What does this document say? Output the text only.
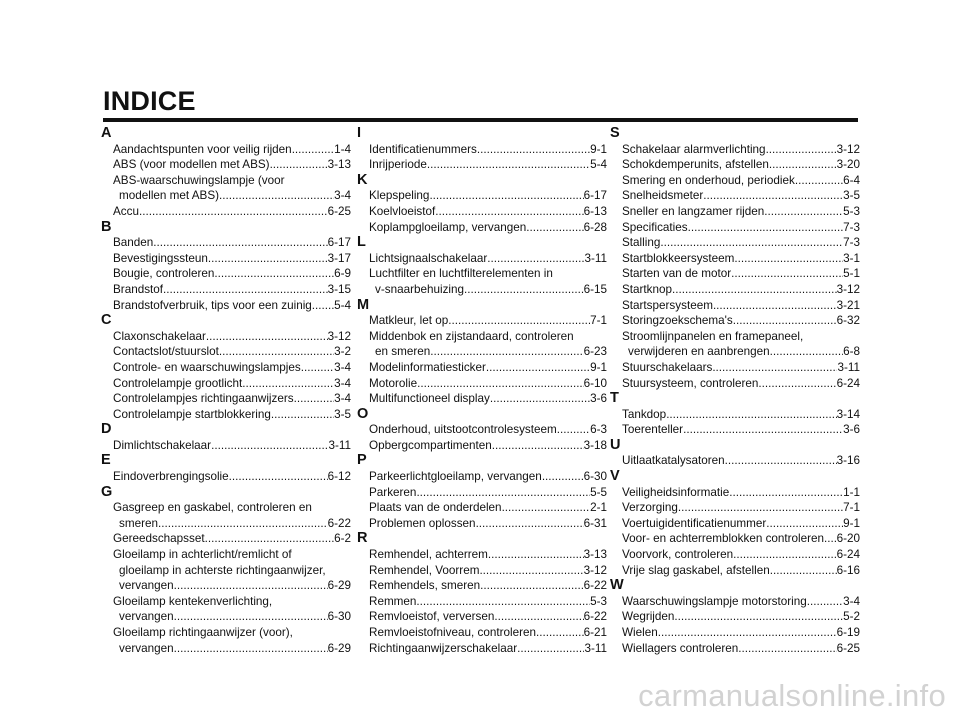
INDICE
A
Aandachtspunten voor veilig rijden .....	1-4
ABS (voor modellen met ABS) .....	3-13
ABS-waarschuwingslampje (voor
modellen met ABS) .....	3-4
Accu .....	6-25
B
Banden .....	6-17
Bevestigingssteun .....	3-17
Bougie, controleren .....	6-9
Brandstof .....	3-15
Brandstofverbruik, tips voor een zuinig ..... 5-4
C
Claxonschakelaar .....	3-12
Contactslot/stuurslot .....	3-2
Controle- en waarschuwingslampjes .....	3-4
Controlelampje grootlicht .....	3-4
Controlelampjes richtingaanwijzers .....	3-4
Controlelampje startblokkering .....	3-5
D
Dimlichtschakelaar .....	3-11
E
Eindoverbrengingsolie .....	6-12
G
Gasgreep en gaskabel, controleren en
smeren .....	6-22
Gereedschapsset .....	6-2
Gloeilamp in achterlicht/remlicht of
gloeilamp in achterste richtingaanwijzer,
vervangen .....	6-29
Gloeilamp kentekenverlichting,
vervangen .....	6-30
Gloeilamp richtingaanwijzer (voor),
vervangen .....	6-29
I
Identificatienummers .....	9-1
Inrijperiode .....	5-4
K
Klepspeling .....	6-17
Koelvloeistof .....	6-13
Koplampgloeilamp, vervangen .....	6-28
L
Lichtsignaalschakelaar .....	3-11
Luchtfilter en luchtfilterelementen in
v-snaarbehuizing .....	6-15
M
Matkleur, let op .....	7-1
Middenbok en zijstandaard, controleren
en smeren .....	6-23
Modelinformatiesticker .....	9-1
Motorolie .....	6-10
Multifunctioneel display .....	3-6
O
Onderhoud, uitstootcontrolesysteem .....	6-3
Opbergcompartimenten .....	3-18
P
Parkeerlichtgloeilamp, vervangen .....	6-30
Parkeren .....	5-5
Plaats van de onderdelen .....	2-1
Problemen oplossen .....	6-31
R
Remhendel, achterrem .....	3-13
Remhendel, Voorrem .....	3-12
Remhendels, smeren .....	6-22
Remmen .....	5-3
Remvloeistof, verversen .....	6-22
Remvloeistofniveau, controleren .....	6-21
Richtingaanwijzerschakelaar .....	3-11
S
Schakelaar alarmverlichting .....	3-12
Schokdemperunits, afstellen .....	3-20
Smering en onderhoud, periodiek .....	6-4
Snelheidsmeter .....	3-5
Sneller en langzamer rijden .....	5-3
Specificaties .....	7-3
Stalling .....	7-3
Startblokkeersysteem .....	3-1
Starten van de motor .....	5-1
Startknop .....	3-12
Startspersysteem .....	3-21
Storingzoekschema's .....	6-32
Stroomlijnpanelen en framepaneel,
verwijderen en aanbrengen .....	6-8
Stuurschakelaars .....	3-11
Stuursysteem, controleren .....	6-24
T
Tankdop .....	3-14
Toerenteller .....	3-6
U
Uitlaatkatalysatoren .....	3-16
V
Veiligheidsinformatie .....	1-1
Verzorging .....	7-1
Voertuigidentificatienummer .....	9-1
Voor- en achterremblokken controleren ..... 6-20
Voorvork, controleren .....	6-24
Vrije slag gaskabel, afstellen .....	6-16
W
Waarschuwingslampje motorstoring .....	3-4
Wegrijden .....	5-2
Wielen .....	6-19
Wiellagers controleren .....	6-25
carmanualsonline.info
